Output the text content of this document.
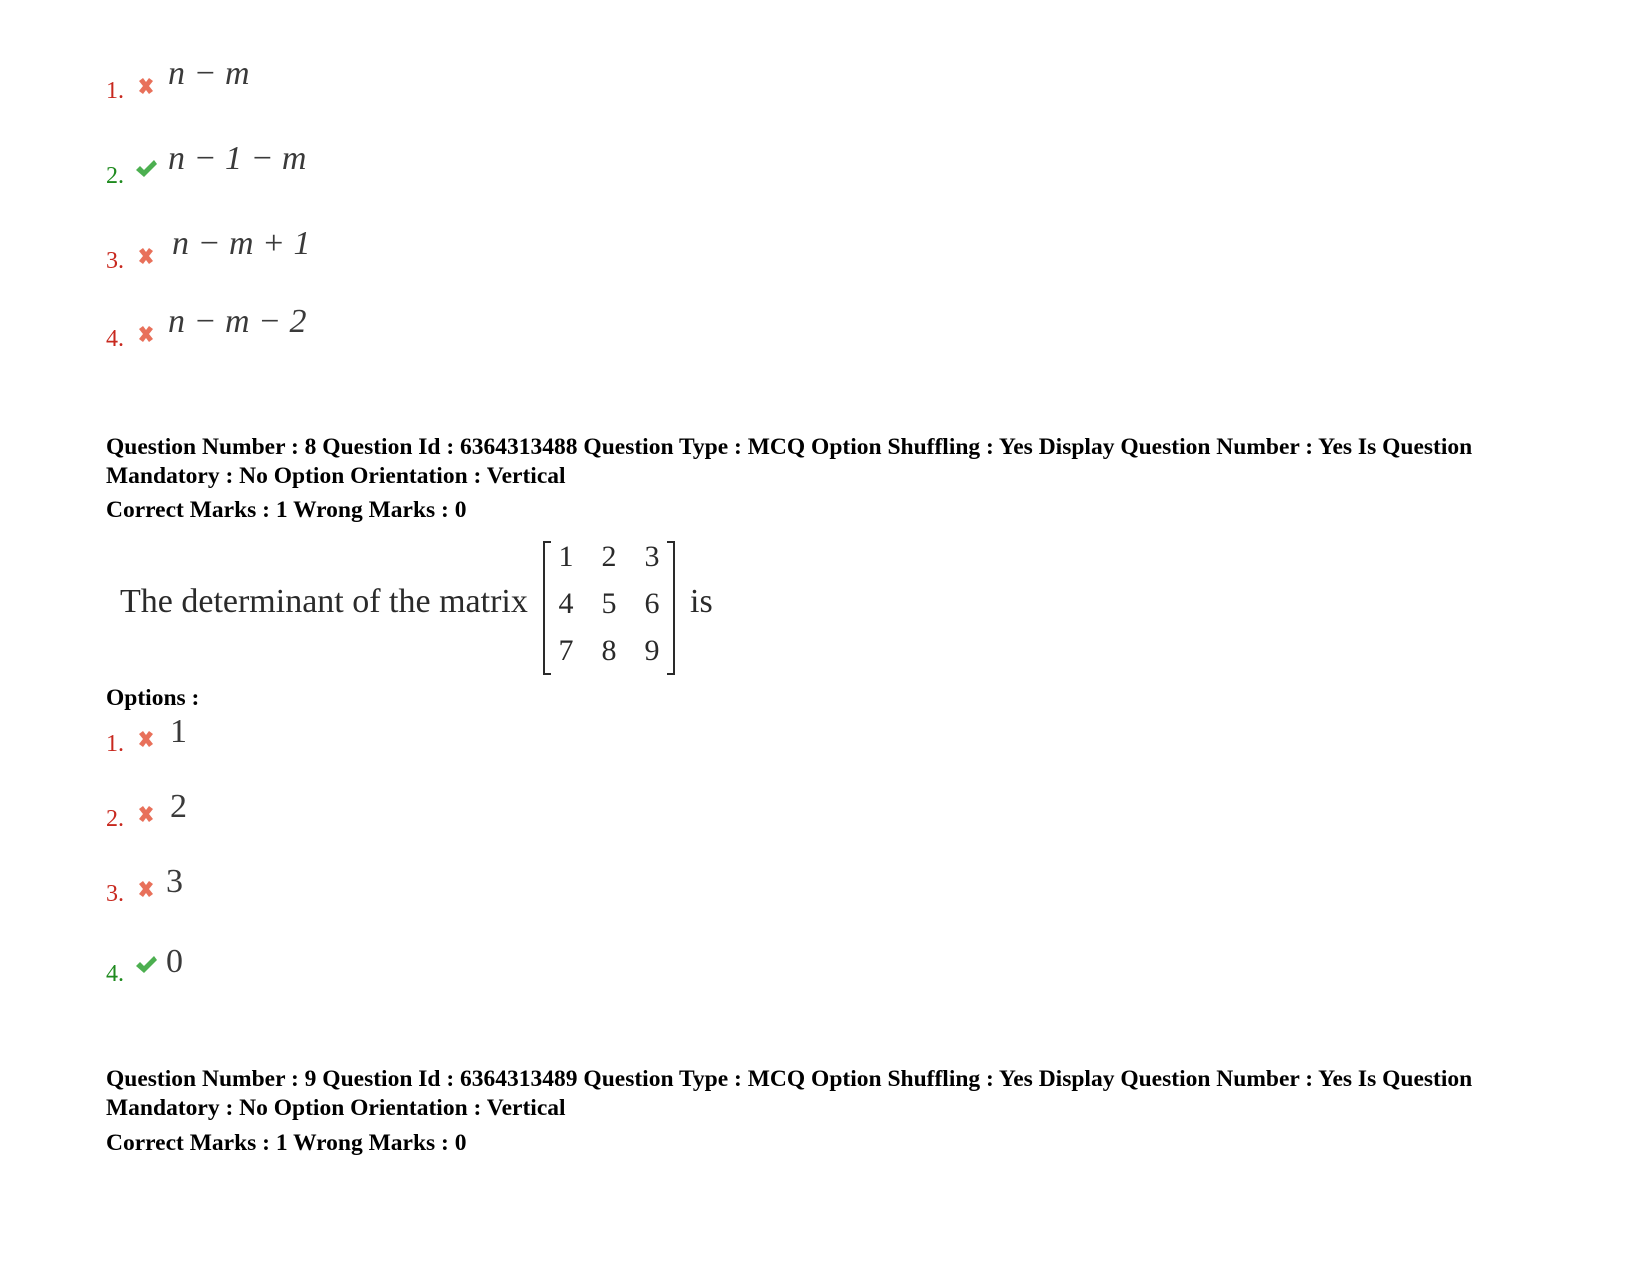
1. n − m
2. n − 1 − m
3. n − m + 1
4. n − m − 2
Question Number : 8 Question Id : 6364313488 Question Type : MCQ Option Shuffling : Yes Display Question Number : Yes Is Question Mandatory : No Option Orientation : Vertical
Correct Marks : 1 Wrong Marks : 0
The determinant of the matrix
1 2 3
4 5 6
7 8 9
is
Options :
1. 1
2. 2
3. 3
4. 0
Question Number : 9 Question Id : 6364313489 Question Type : MCQ Option Shuffling : Yes Display Question Number : Yes Is Question Mandatory : No Option Orientation : Vertical
Correct Marks : 1 Wrong Marks : 0
